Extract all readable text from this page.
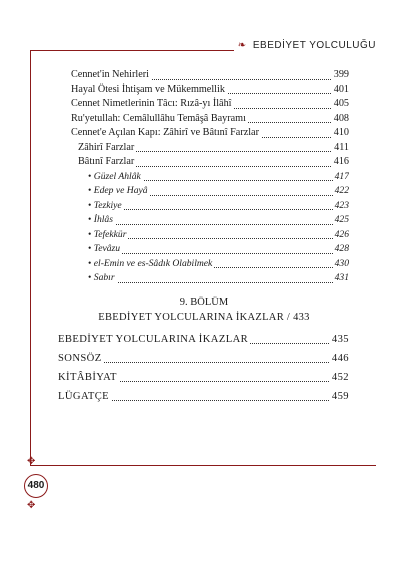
❧ EBEDİYET YOLCULUĞU
Cennet'in Nehirleri	399
Hayal Ötesi İhtişam ve Mükemmellik	401
Cennet Nimetlerinin Tâcı: Rızâ-yı İlâhî	405
Ru'yetullah: Cemâlullâhu Temâşâ Bayramı	408
Cennet'e Açılan Kapı: Zâhirî ve Bâtınî Farzlar	410
Zâhirî Farzlar	411
Bâtınî Farzlar	416
• Güzel Ahlâk	417
• Edep ve Hayâ	422
• Tezkiye	423
• İhlâs	425
• Tefekkür	426
• Tevâzu	428
• el-Emin ve es-Sâdık Olabilmek	430
• Sabır	431
9. BÖLÜM
EBEDİYET YOLCULARINA İKAZLAR / 433
EBEDİYET YOLCULARINA İKAZLAR	435
SONSÖZ	446
KİTÂBİYAT	452
LÜGATÇE	459
✥
480
✥
